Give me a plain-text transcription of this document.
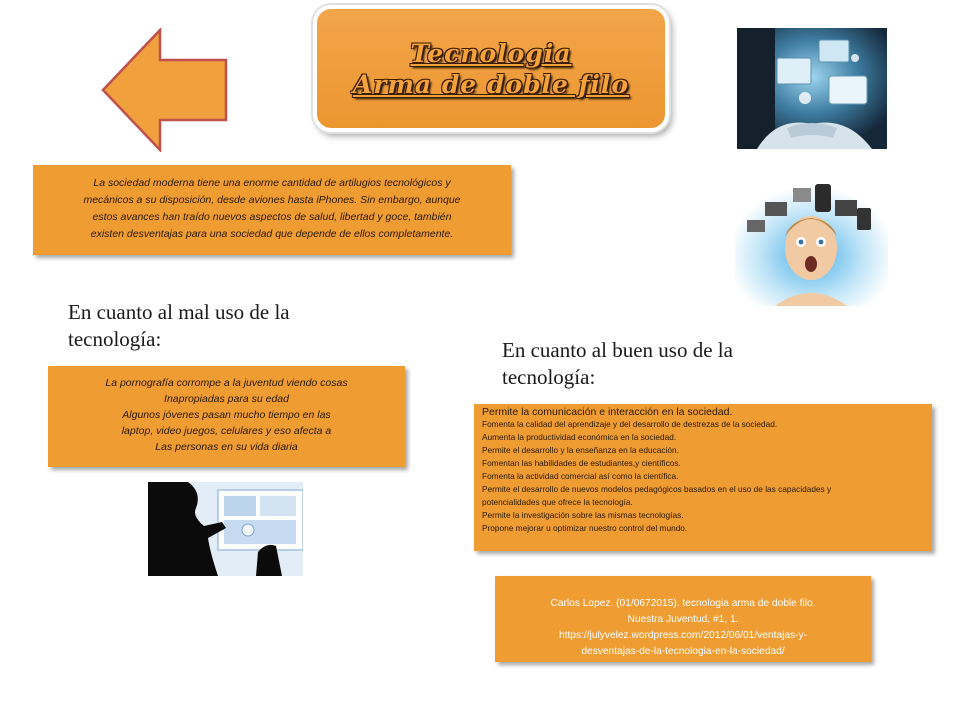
Tecnologia
Arma de doble filo
La sociedad moderna tiene una enorme cantidad de artilugios tecnológicos y
mecánicos a su disposición, desde aviones hasta iPhones. Sin embargo, aunque
estos avances han traído nuevos aspectos de salud, libertad y goce, también
existen desventajas para una sociedad que depende de ellos completamente.
En cuanto al mal uso de la
tecnología:
La pornografía corrompe a la juventud viendo cosas
Inapropiadas para su edad
Algunos jóvenes pasan mucho tiempo en las
laptop, video juegos, celulares y eso afecta a
Las personas en su vida diaria
En cuanto al buen uso de la
tecnología:
Permite la comunicación e interacción en la sociedad.
Fomenta la calidad del aprendizaje y del desarrollo de destrezas de la sociedad.
Aumenta la productividad económica en la sociedad.
Permite el desarrollo y la enseñanza en la educación.
Fomentan las habilidades de estudiantes,y científicos.
Fomenta la actividad comercial así como la científica.
Permite el desarrollo de nuevos modelos pedagógicos basados en el uso de las capacidades y
potencialidades que ofrece la tecnología.
Permite la investigación sobre las mismas tecnologías.
Propone mejorar u optimizar nuestro control del mundo.
Carlos Lopez. (01/0672015). tecnologia arma de doble filo.
Nuestra Juventud, #1, 1.
https://julyvelez.wordpress.com/2012/06/01/ventajas-y-
desventajas-de-la-tecnologia-en-la-sociedad/
